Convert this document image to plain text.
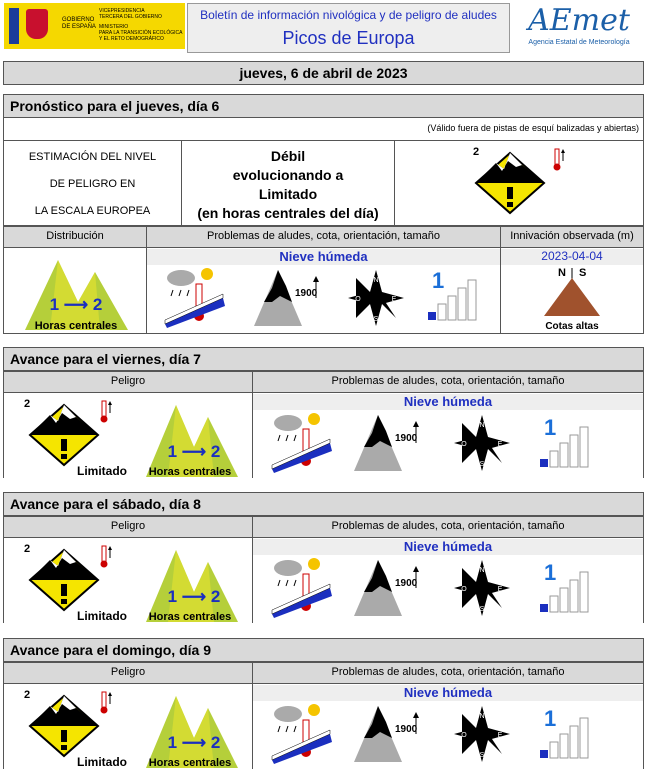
GOBIERNO
DE ESPAÑA
VICEPRESIDENCIA
TERCERA DEL GOBIERNO
MINISTERIO
PARA LA TRANSICIÓN ECOLÓGICA
Y EL RETO DEMOGRÁFICO
Boletín de información nivológica y de peligro de aludes
Picos de Europa	AEmet
Agencia Estatal de Meteorología
jueves, 6 de abril de 2023
Pronóstico para el jueves, día 6
(Válido fuera de pistas de esquí balizadas y abiertas)
ESTIMACIÓN DEL NIVEL
DE PELIGRO EN
LA ESCALA EUROPEA
Débil
evolucionando a
Limitado
(en horas centrales del día)
Distribución	Problemas de aludes, cota, orientación, tamaño	Innivación observada (m)
Nieve húmeda	2023-04-04
2
1 ⟶ 2
Horas centrales
1900
N
E
S
O
1	N S
Cotas altas
Avance para el viernes, día 7
Peligro	Problemas de aludes, cota, orientación, tamaño
Nieve húmeda
2
Limitado
1 ⟶ 2
Horas centrales
1900
N
E
S
O
1
Avance para el sábado, día 8
Peligro	Problemas de aludes, cota, orientación, tamaño
Nieve húmeda
2
Limitado
1 ⟶ 2
Horas centrales
1900
N
E
S
O
1
Avance para el domingo, día 9
Peligro	Problemas de aludes, cota, orientación, tamaño
Nieve húmeda
2
Limitado
1 ⟶ 2
Horas centrales
1900
N
E
S
O
1
